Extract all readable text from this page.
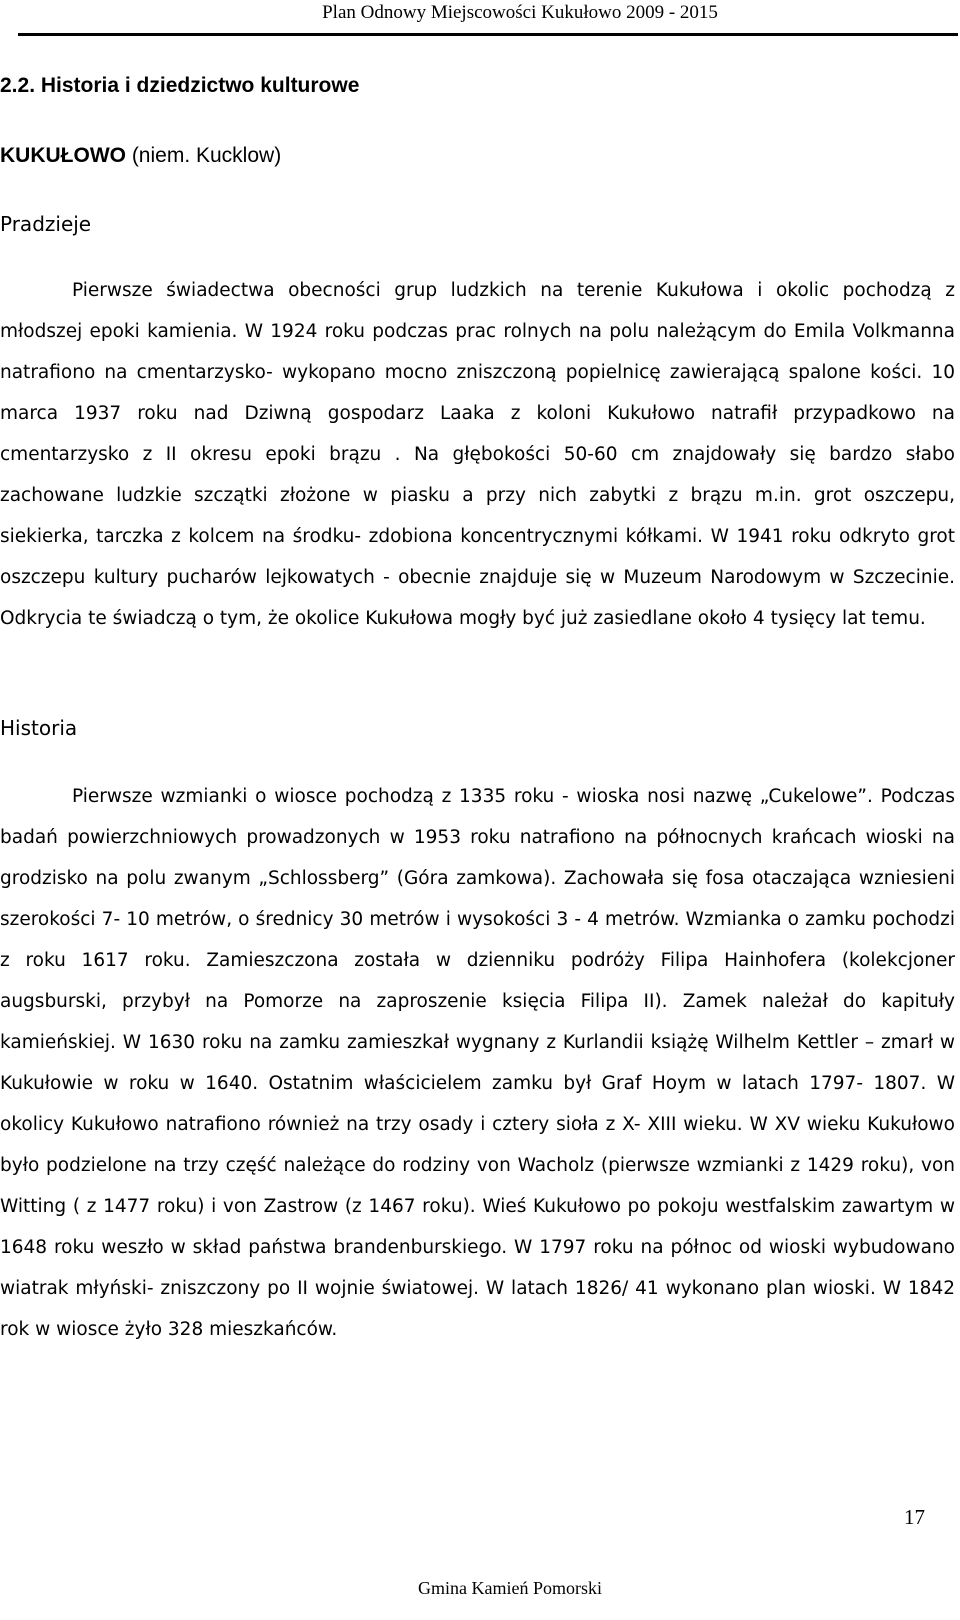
Plan Odnowy Miejscowości Kukułowo 2009 - 2015
2.2. Historia i dziedzictwo kulturowe
KUKUŁOWO (niem. Kucklow)
Pradzieje

Pierwsze świadectwa obecności grup ludzkich na terenie Kukułowa i okolic pochodzą z młodszej epoki kamienia. W 1924 roku podczas prac rolnych na polu należącym do Emila Volkmanna natrafiono na cmentarzysko- wykopano mocno zniszczoną popielnicę zawierającą spalone kości. 10 marca 1937 roku nad Dziwną gospodarz Laaka z koloni Kukułowo natrafił przypadkowo na cmentarzysko z II okresu epoki brązu . Na głębokości 50-60 cm znajdowały się bardzo słabo zachowane ludzkie szczątki złożone w piasku a przy nich zabytki z brązu m.in. grot oszczepu, siekierka, tarczka z kolcem na środku- zdobiona koncentrycznymi kółkami. W 1941 roku odkryto grot oszczepu kultury pucharów lejkowatych - obecnie znajduje się w Muzeum Narodowym w Szczecinie. Odkrycia te świadczą o tym, że okolice Kukułowa mogły być już zasiedlane około 4 tysięcy lat temu.

Historia

Pierwsze wzmianki o wiosce pochodzą z 1335 roku - wioska nosi nazwę „Cukelowe”. Podczas badań powierzchniowych prowadzonych w 1953 roku natrafiono na północnych krańcach wioski na grodzisko na polu zwanym „Schlossberg” (Góra zamkowa). Zachowała się fosa otaczająca wzniesieni szerokości 7- 10 metrów, o średnicy 30 metrów i wysokości 3 - 4 metrów. Wzmianka o zamku pochodzi z roku 1617 roku. Zamieszczona została w dzienniku podróży Filipa Hainhofera (kolekcjoner augsburski, przybył na Pomorze na zaproszenie księcia Filipa II). Zamek należał do kapituły kamieńskiej. W 1630 roku na zamku zamieszkał wygnany z Kurlandii książę Wilhelm Kettler – zmarł w Kukułowie w roku w 1640. Ostatnim właścicielem zamku był Graf Hoym w latach 1797- 1807. W okolicy Kukułowo natrafiono również na trzy osady i cztery sioła z X- XIII wieku. W XV wieku Kukułowo było podzielone na trzy część należące do rodziny von Wacholz (pierwsze wzmianki z 1429 roku), von Witting ( z 1477 roku) i von Zastrow (z 1467 roku). Wieś Kukułowo po pokoju westfalskim zawartym w 1648 roku weszło w skład państwa brandenburskiego. W 1797 roku na północ od wioski wybudowano wiatrak młyński- zniszczony po II wojnie światowej. W latach 1826/ 41 wykonano plan wioski. W 1842 rok w wiosce żyło 328 mieszkańców.

17
Gmina Kamień Pomorski
